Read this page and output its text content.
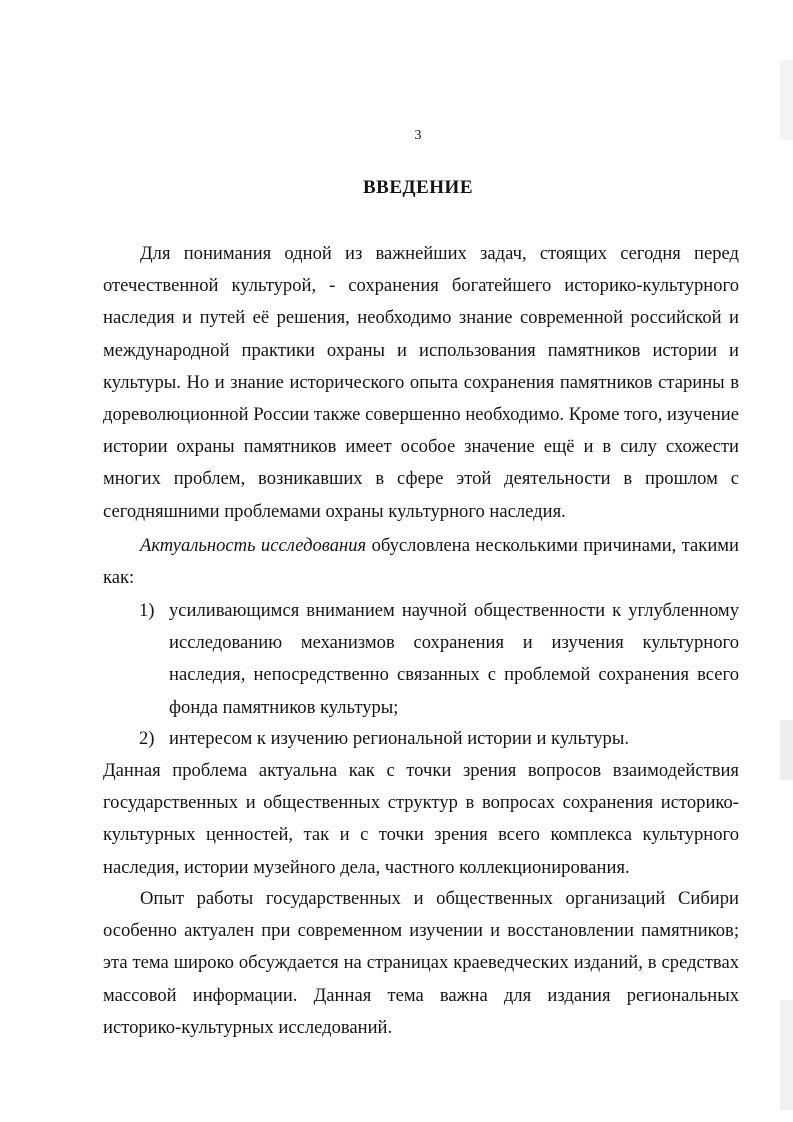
3
ВВЕДЕНИЕ
Для понимания одной из важнейших задач, стоящих сегодня перед отечественной культурой, - сохранения богатейшего историко-культурного наследия и путей её решения, необходимо знание современной российской и международной практики охраны и использования памятников истории и культуры. Но и знание исторического опыта сохранения памятников старины в дореволюционной России также совершенно необходимо. Кроме того, изучение истории охраны памятников имеет особое значение ещё и в силу схожести многих проблем, возникавших в сфере этой деятельности в прошлом с сегодняшними проблемами охраны культурного наследия.
Актуальность исследования обусловлена несколькими причинами, такими как:
1) усиливающимся вниманием научной общественности к углубленному исследованию механизмов сохранения и изучения культурного наследия, непосредственно связанных с проблемой сохранения всего фонда памятников культуры;
2) интересом к изучению региональной истории и культуры.
Данная проблема актуальна как с точки зрения вопросов взаимодействия государственных и общественных структур в вопросах сохранения историко-культурных ценностей, так и с точки зрения всего комплекса культурного наследия, истории музейного дела, частного коллекционирования.
Опыт работы государственных и общественных организаций Сибири особенно актуален при современном изучении и восстановлении памятников; эта тема широко обсуждается на страницах краеведческих изданий, в средствах массовой информации. Данная тема важна для издания региональных историко-культурных исследований.
